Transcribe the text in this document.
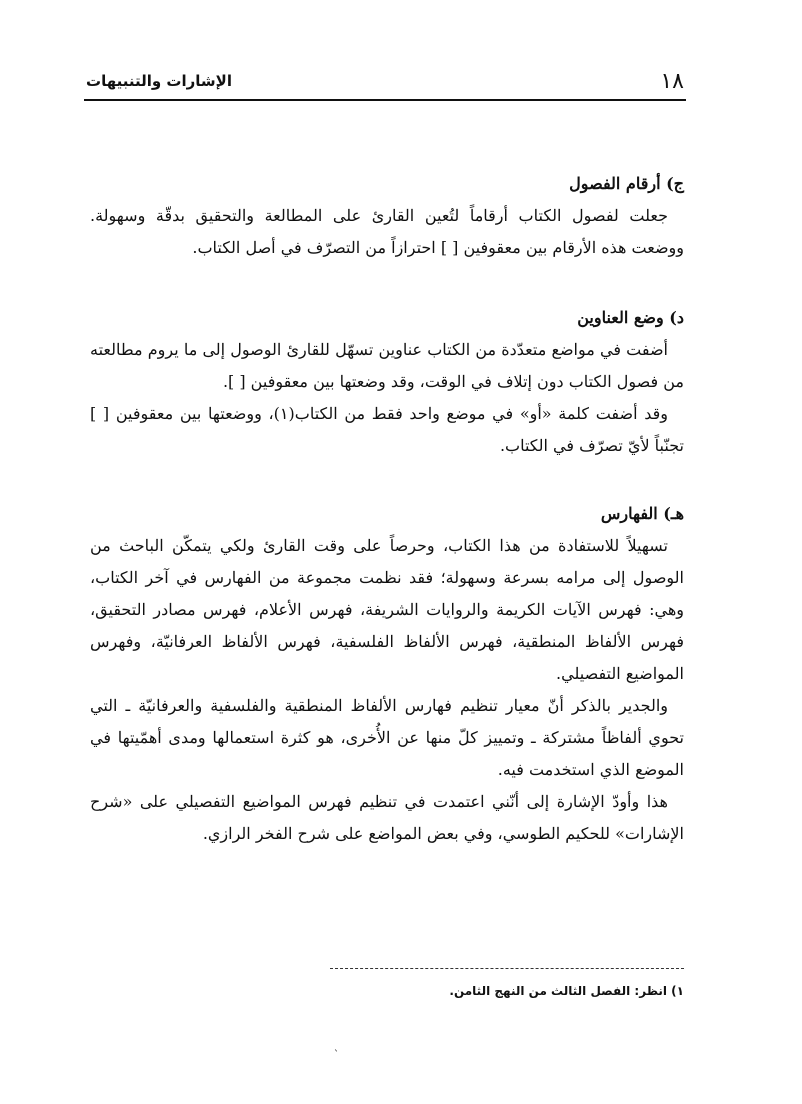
١٨
الإشارات والتنبيهات

ج) أرقام الفصول

جعلت لفصول الكتاب أرقاماً لتُعين القارئ على المطالعة والتحقيق بدقّة وسهولة. ووضعت هذه الأرقام بين معقوفين [ ] احترازاً من التصرّف في أصل الكتاب.

د) وضع العناوين

أضفت في مواضع متعدّدة من الكتاب عناوين تسهّل للقارئ الوصول إلى ما يروم مطالعته من فصول الكتاب دون إتلاف في الوقت، وقد وضعتها بين معقوفين [ ].

وقد أضفت كلمة «أو» في موضع واحد فقط من الكتاب(١)، ووضعتها بين معقوفين [ ] تجنّباً لأيّ تصرّف في الكتاب.

هـ) الفهارس

تسهيلاً للاستفادة من هذا الكتاب، وحرصاً على وقت القارئ ولكي يتمكّن الباحث من الوصول إلى مرامه بسرعة وسهولة؛ فقد نظمت مجموعة من الفهارس في آخر الكتاب، وهي: فهرس الآيات الكريمة والروايات الشريفة، فهرس الأعلام، فهرس مصادر التحقيق، فهرس الألفاظ المنطقية، فهرس الألفاظ الفلسفية، فهرس الألفاظ العرفانيّة، وفهرس المواضيع التفصيلي.

والجدير بالذكر أنّ معيار تنظيم فهارس الألفاظ المنطقية والفلسفية والعرفانيّة ـ التي تحوي ألفاظاً مشتركة ـ وتمييز كلّ منها عن الأُخرى، هو كثرة استعمالها ومدى أهمّيتها في الموضع الذي استخدمت فيه.

هذا وأودّ الإشارة إلى أنّني اعتمدت في تنظيم فهرس المواضيع التفصيلي على «شرح الإشارات» للحكيم الطوسي، وفي بعض المواضع على شرح الفخر الرازي.

١) انظر: الفصل الثالث من النهج الثامن.
ˋ
